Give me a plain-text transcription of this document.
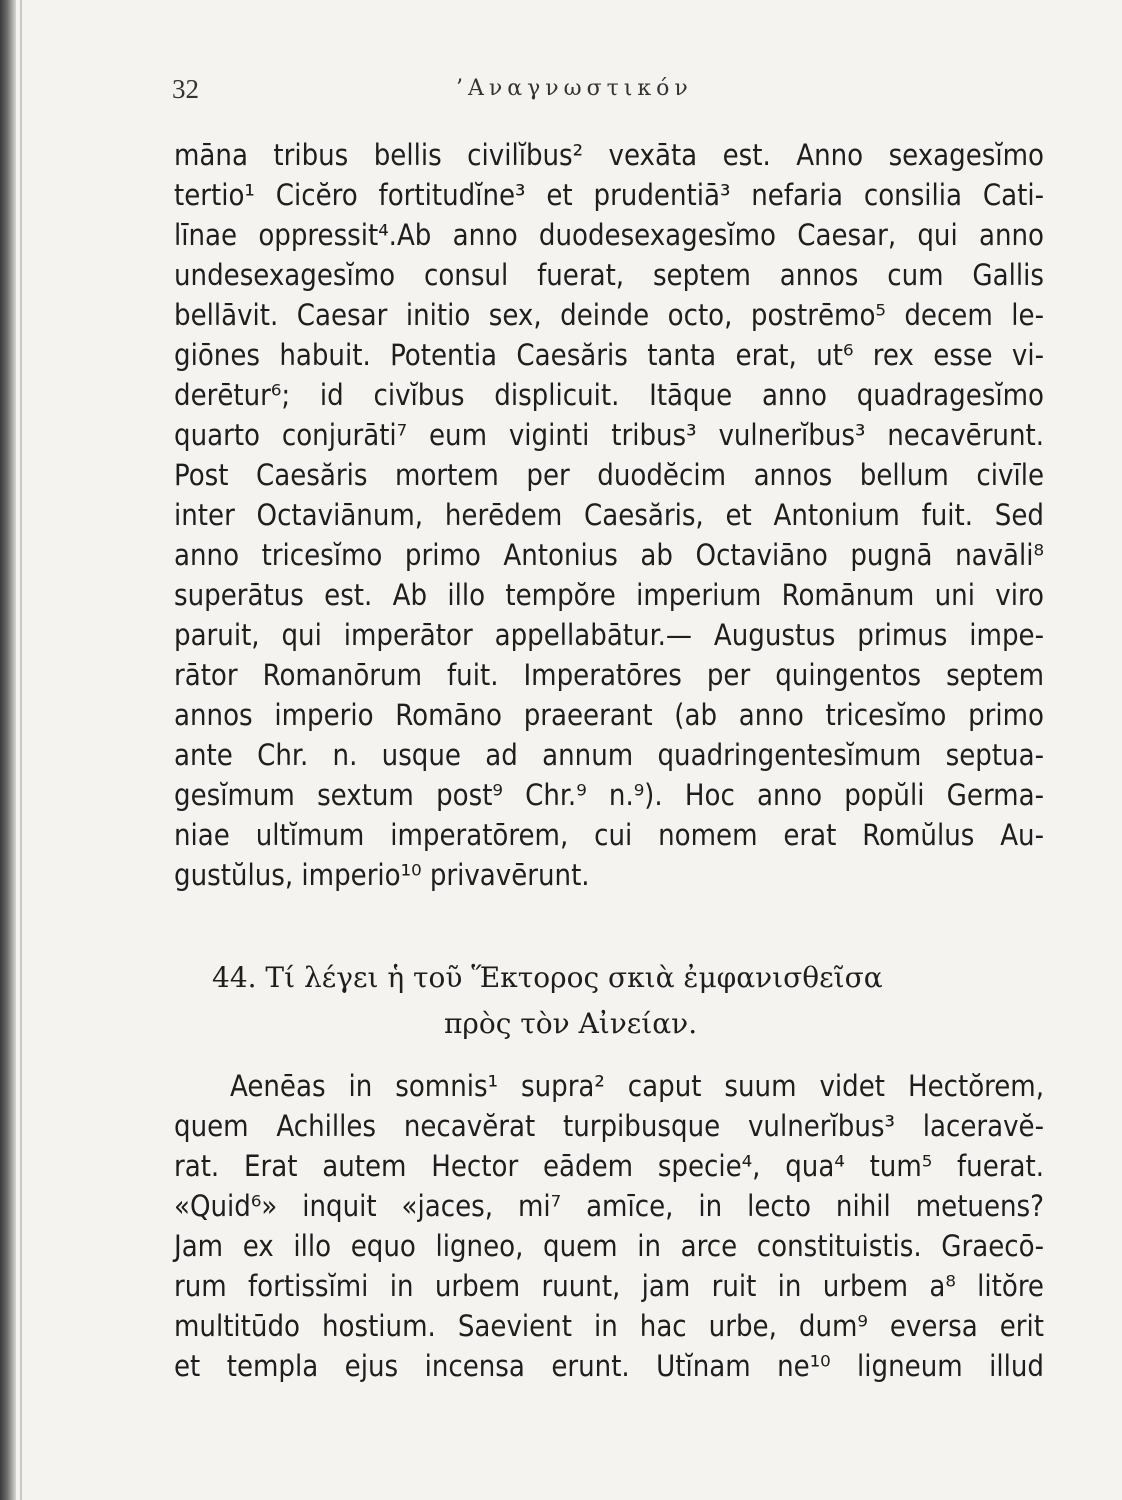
32	’Αναγνωστικόν
māna tribus bellis civilĭbus² vexāta est. Anno sexagesĭmo
tertio¹ Cicĕro fortitudĭne³ et prudentiā³ nefaria consilia Cati-
līnae oppressit⁴.Ab anno duodesexagesĭmo Caesar, qui anno
undesexagesĭmo consul fuerat, septem annos cum Gallis
bellāvit. Caesar initio sex, deinde octo, postrēmo⁵ decem le-
giōnes habuit. Potentia Caesăris tanta erat, ut⁶ rex esse vi-
derētur⁶; id civĭbus displicuit. Itāque anno quadragesĭmo
quarto conjurāti⁷ eum viginti tribus³ vulnerĭbus³ necavērunt.
Post Caesăris mortem per duodĕcim annos bellum civīle
inter Octaviānum, herēdem Caesăris, et Antonium fuit. Sed
anno tricesĭmo primo Antonius ab Octaviāno pugnā navāli⁸
superātus est. Ab illo tempŏre imperium Romānum uni viro
paruit, qui imperātor appellabātur.— Augustus primus impe-
rātor Romanōrum fuit. Imperatōres per quingentos septem
annos imperio Romāno praeerant (ab anno tricesĭmo primo
ante Chr. n. usque ad annum quadringentesĭmum septua-
gesĭmum sextum post⁹ Chr.⁹ n.⁹). Hoc anno popŭli Germa-
niae ultĭmum imperatōrem, cui nomem erat Romŭlus Au-
gustŭlus, imperio¹⁰ privavērunt.
44. Τί λέγει ἡ τοῦ Ἕκτορος σκιὰ ἐμφανισθεῖσα
πρὸς τὸν Αἰνείαν.
Aenēas in somnis¹ supra² caput suum videt Hectŏrem,
quem Achilles necavĕrat turpibusque vulnerĭbus³ laceravĕ-
rat. Erat autem Hector eādem specie⁴, qua⁴ tum⁵ fuerat.
«Quid⁶» inquit «jaces, mi⁷ amīce, in lecto nihil metuens?
Jam ex illo equo ligneo, quem in arce constituistis. Graecō-
rum fortissĭmi in urbem ruunt, jam ruit in urbem a⁸ litŏre
multitūdo hostium. Saevient in hac urbe, dum⁹ eversa erit
et templa ejus incensa erunt. Utĭnam ne¹⁰ ligneum illud
